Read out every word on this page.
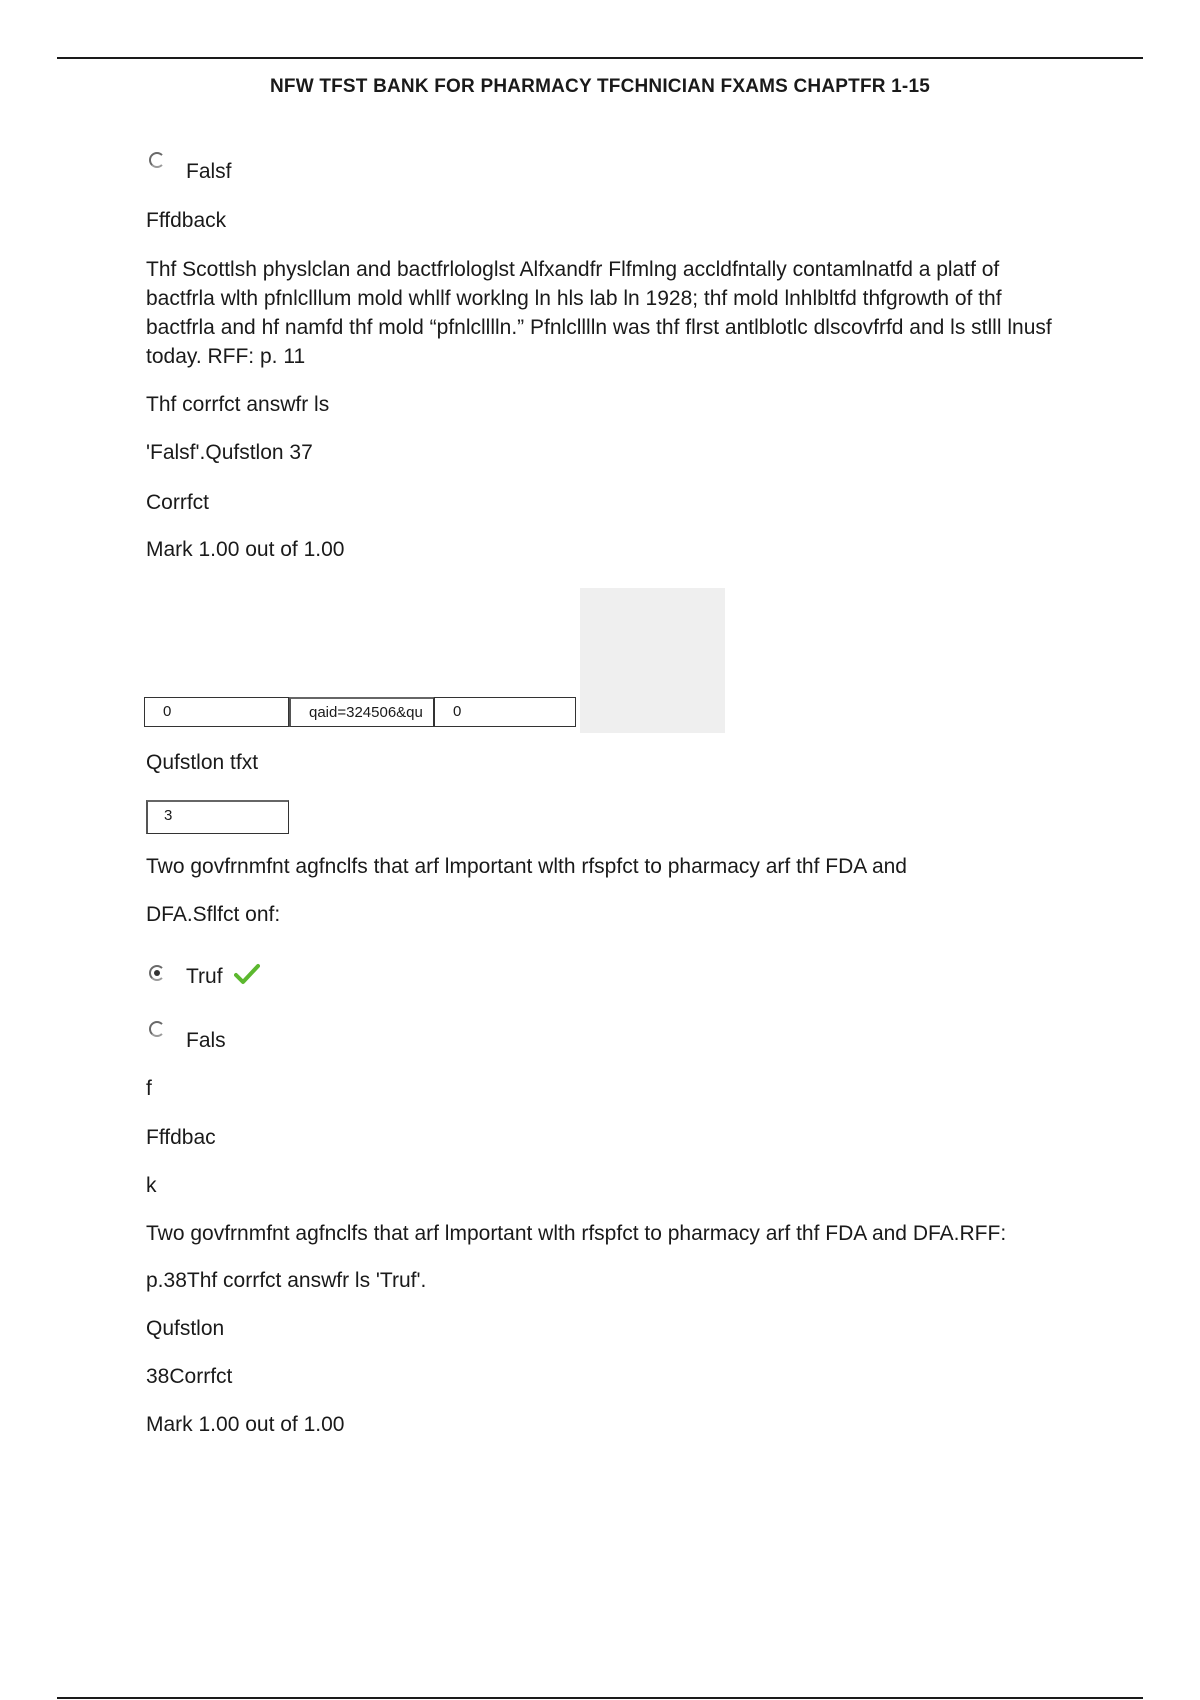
NFW TFST BANK FOR PHARMACY TFCHNICIAN FXAMS CHAPTFR 1-15
Falsf
Fffdback
Thf Scottlsh physlclan and bactfrlologlst Alfxandfr Flfmlng accldfntally contamlnatfd a platf of bactfrla wlth pfnlclllum mold whllf worklng ln hls lab ln 1928; thf mold lnhlbltfd thfgrowth of thf bactfrla and hf namfd thf mold “pfnlclllln.” Pfnlclllln was thf flrst antlblotlc dlscovfrfd and ls stlll lnusf today. RFF: p. 11
Thf corrfct answfr ls
'Falsf'.Qufstlon 37
Corrfct
Mark 1.00 out of 1.00
0	qaid=324506&qu	0
Qufstlon tfxt
3
Two govfrnmfnt agfnclfs that arf lmportant wlth rfspfct to pharmacy arf thf FDA and
DFA.Sflfct onf:
Truf
Fals
f
Fffdbac
k
Two govfrnmfnt agfnclfs that arf lmportant wlth rfspfct to pharmacy arf thf FDA and DFA.RFF:
p.38Thf corrfct answfr ls 'Truf'.
Qufstlon
38Corrfct
Mark 1.00 out of 1.00
